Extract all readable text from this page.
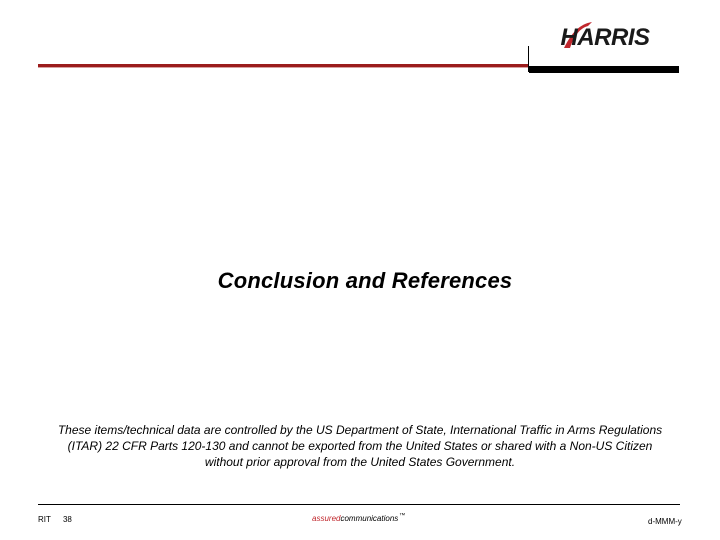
HARRIS
Conclusion and References
These items/technical data are controlled by the US Department of State, International Traffic in Arms Regulations
(ITAR) 22 CFR Parts 120-130 and cannot be exported from the United States or shared with a Non-US Citizen
without prior approval from the United States Government.
RIT 38	assuredcommunications™
d-MMM-y
